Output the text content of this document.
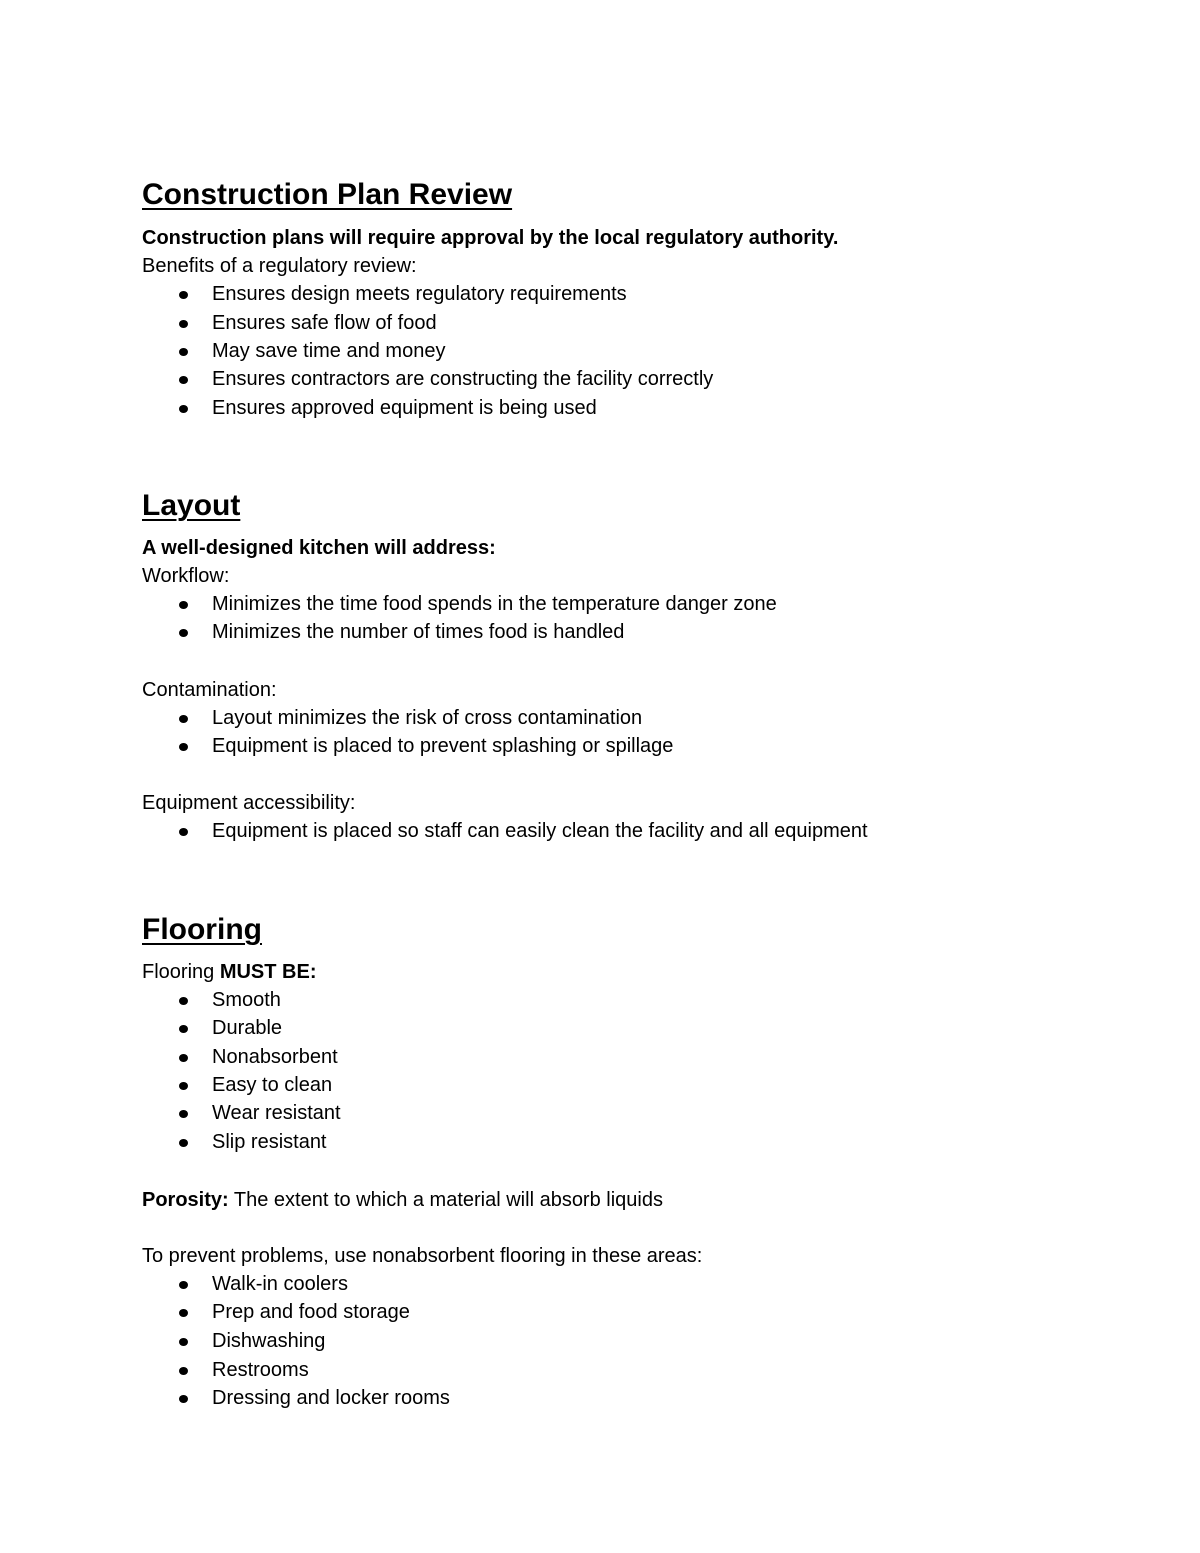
Construction Plan Review
Construction plans will require approval by the local regulatory authority.
Benefits of a regulatory review:
Ensures design meets regulatory requirements
Ensures safe flow of food
May save time and money
Ensures contractors are constructing the facility correctly
Ensures approved equipment is being used
Layout
A well-designed kitchen will address:
Workflow:
Minimizes the time food spends in the temperature danger zone
Minimizes the number of times food is handled
Contamination:
Layout minimizes the risk of cross contamination
Equipment is placed to prevent splashing or spillage
Equipment accessibility:
Equipment is placed so staff can easily clean the facility and all equipment
Flooring
Flooring MUST BE:
Smooth
Durable
Nonabsorbent
Easy to clean
Wear resistant
Slip resistant
Porosity: The extent to which a material will absorb liquids
To prevent problems, use nonabsorbent flooring in these areas:
Walk-in coolers
Prep and food storage
Dishwashing
Restrooms
Dressing and locker rooms
